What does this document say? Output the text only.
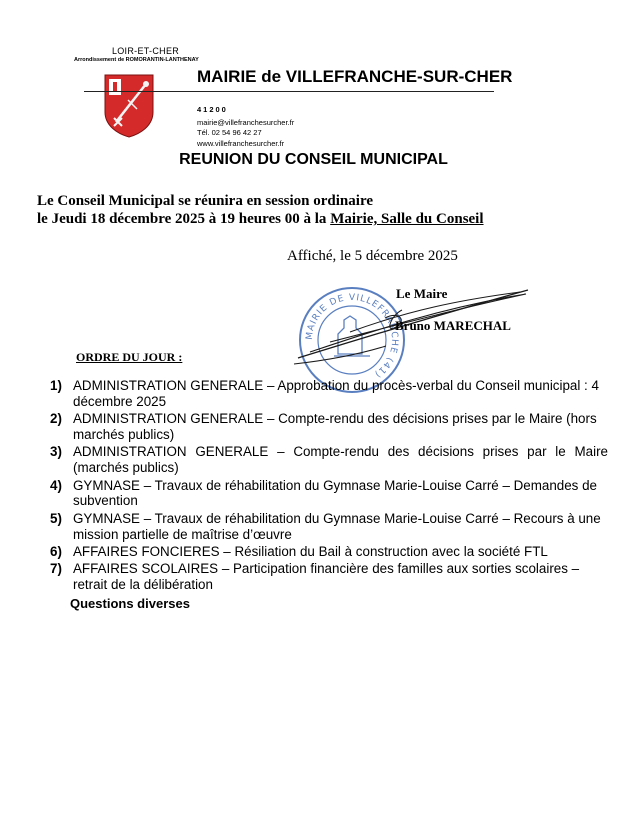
LOIR-ET-CHER
Arrondissement de ROMORANTIN-LANTHENAY
MAIRIE de VILLEFRANCHE-SUR-CHER
41200
mairie@villefranchesurcher.fr
Tél. 02 54 96 42 27
www.villefranchesurcher.fr
REUNION DU CONSEIL MUNICIPAL
Le Conseil Municipal se réunira en session ordinaire
le Jeudi 18 décembre 2025 à 19 heures 00 à la Mairie, Salle du Conseil
Affiché, le 5 décembre 2025
MAIRIE DE VILLEFRANCHE (41)
Le Maire
Bruno MARECHAL
ORDRE DU JOUR :
1) ADMINISTRATION GENERALE – Approbation du procès-verbal du Conseil municipal : 4 décembre 2025
2) ADMINISTRATION GENERALE – Compte-rendu des décisions prises par le Maire (hors marchés publics)
3) ADMINISTRATION GENERALE – Compte-rendu des décisions prises par le Maire (marchés publics)
4) GYMNASE – Travaux de réhabilitation du Gymnase Marie-Louise Carré – Demandes de subvention
5) GYMNASE – Travaux de réhabilitation du Gymnase Marie-Louise Carré – Recours à une mission partielle de maîtrise d’œuvre
6) AFFAIRES FONCIERES – Résiliation du Bail à construction avec la société FTL
7) AFFAIRES SCOLAIRES – Participation financière des familles aux sorties scolaires – retrait de la délibération
Questions diverses
